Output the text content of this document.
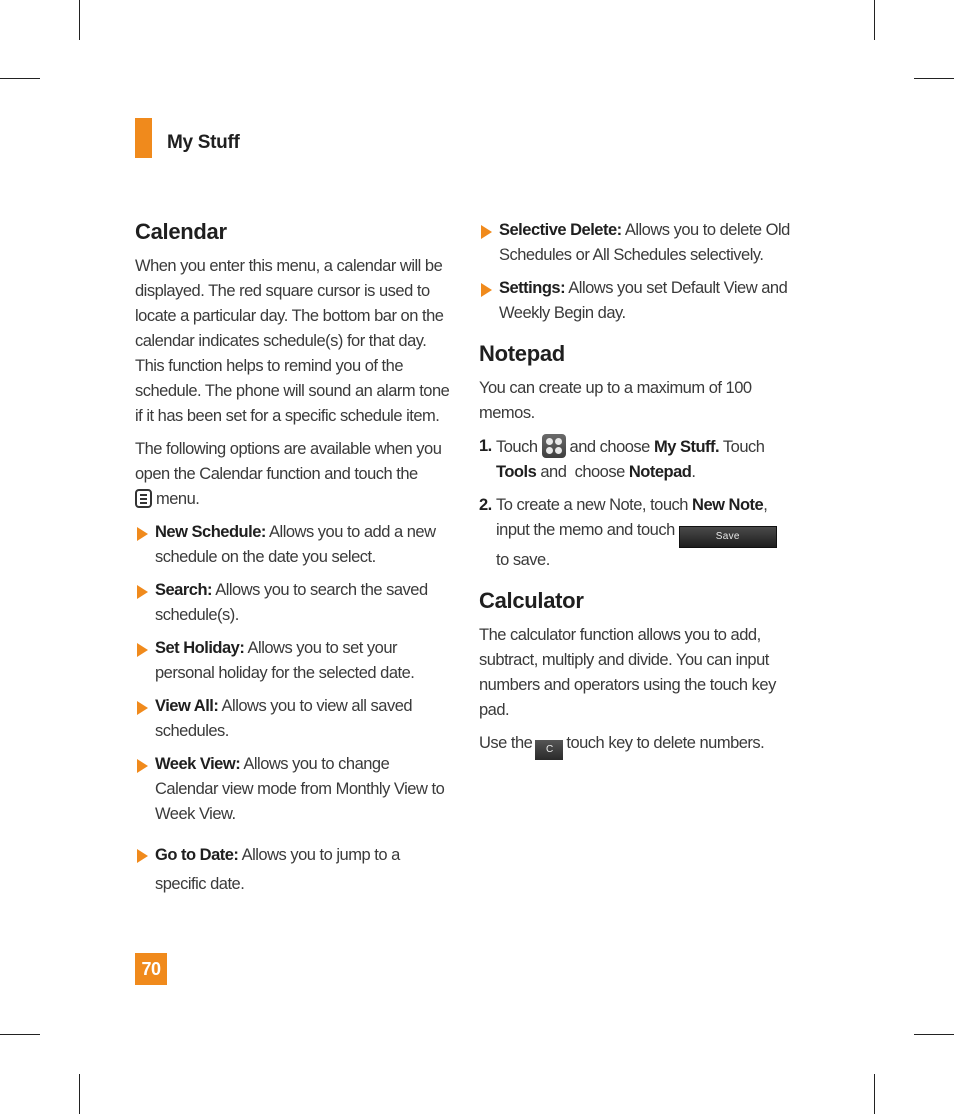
My Stuff
Calendar

When you enter this menu, a calendar will be displayed. The red square cursor is used to locate a particular day. The bottom bar on the calendar indicates schedule(s) for that day. This function helps to remind you of the schedule. The phone will sound an alarm tone if it has been set for a specific schedule item.

The following options are available when you open the Calendar function and touch the

menu.

New Schedule: Allows you to add a new schedule on the date you select.
Search: Allows you to search the saved schedule(s).
Set Holiday: Allows you to set your personal holiday for the selected date.
View All: Allows you to view all saved schedules.
Week View: Allows you to change Calendar view mode from Monthly View to Week View.
Go to Date: Allows you to jump to a specific date.
Selective Delete: Allows you to delete Old Schedules or All Schedules selectively.
Settings: Allows you set Default View and Weekly Begin day.
Notepad

You can create up to a maximum of 100 memos.

1. Touch and choose My Stuff. Touch
Tools and  choose Notepad.
2. To create a new Note, touch New Note, input the memo and touch	Save
to save.
Calculator

The calculator function allows you to add, subtract, multiply and divide. You can input numbers and operators using the touch key pad.

Use the C touch key to delete numbers.

70
